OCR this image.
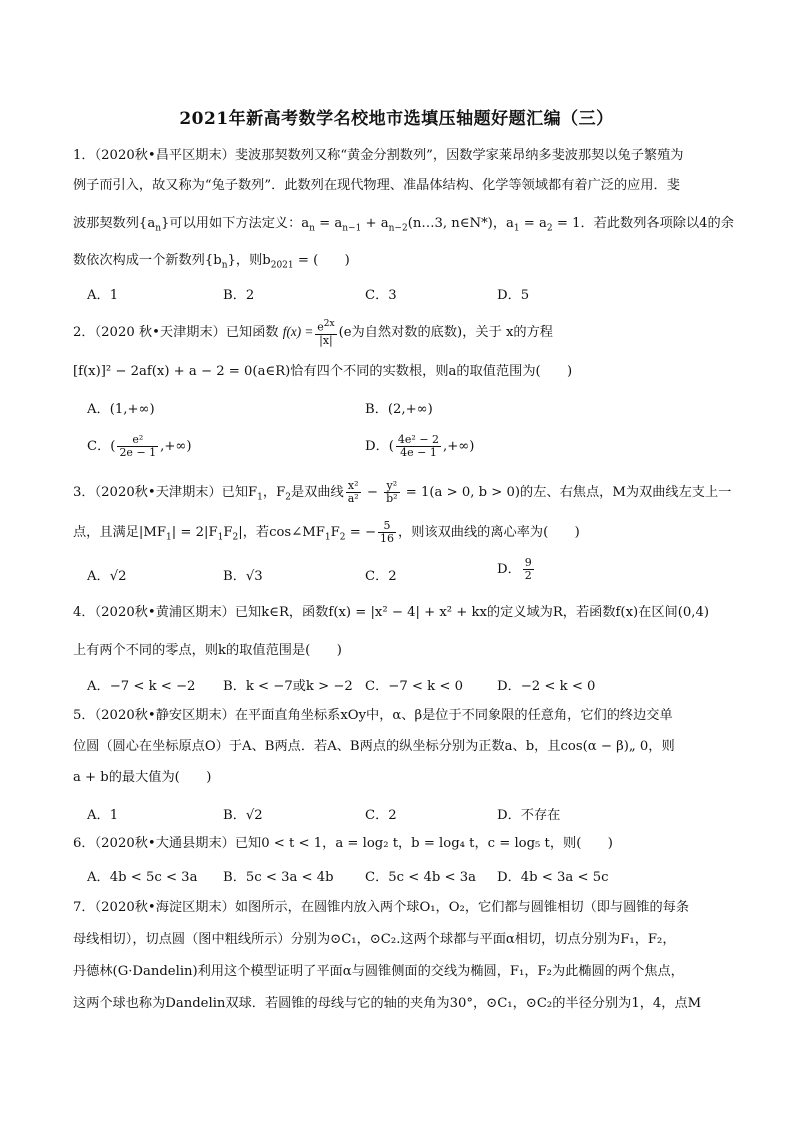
2021年新高考数学名校地市选填压轴题好题汇编（三）
1．（2020秋•昌平区期末）斐波那契数列又称“黄金分割数列”，因数学家莱昂纳多斐波那契以兔子繁殖为
例子而引入，故又称为“兔子数列”．此数列在现代物理、准晶体结构、化学等领域都有着广泛的应用．斐
波那契数列$\{a_n\}$可以用如下方法定义：$a_n = a_{n-1}$ + $a_{n-2}(n\dots 3$, n∈N*)，$a_1 = a_2 = 1$．若此数列各项除以4的余
数依次构成一个新数列$\{b_n\}$，则$b_{2021}$ = (　　)
A．1	B．2	C．3	D．5
2．（2020 秋•天津期末）已知函数 $f(x) = \frac{e^{2x}}{|x|} (e$为自然对数的底数)，关于 x的方程
[f(x)]² − 2af(x) + a − 2 = 0(a∈R)恰有四个不同的实数根，则a的取值范围为(　　)
A．(1,+∞)	B．(2,+∞)
C．( $\frac{\text{e²}}{2e - 1}$ ,+∞)	D．( $\frac{\text{4e² − 2}}{4e - 1}$ ,+∞)
3．（2020秋•天津期末）已知$F_1$，$F_2$是双曲线 $\frac{\text{x²}}{\text{a²}} - \frac{\text{y²}}{\text{b²}} = 1(a > 0$, b > 0)的左、右焦点，M为双曲线左支上一
点，且满足$|MF_1| = 2|F_1F_2|$，若$\cos\angle MF_1F_2$ = − $\frac{5}{16}$ ，则该双曲线的离心率为(　　)
A．√2	B．√3	C．2	D． $\frac{9}{2}$
4．（2020秋•黄浦区期末）已知k∈R，函数f(x) = |x² − 4| + x² + kx的定义域为R，若函数f(x)在区间(0,4)
上有两个不同的零点，则k的取值范围是(　　)
A．−7 < k < −2 B．k < −7或k > −2 C．−7 < k < 0	D．−2 < k < 0
5．（2020秋•静安区期末）在平面直角坐标系xOy中，α、β是位于不同象限的任意角，它们的终边交单
位圆（圆心在坐标原点O）于A、B两点．若A、B两点的纵坐标分别为正数a、b，且cos(α − β)„ 0，则
a + b的最大值为(　　)
A．1	B．√2	C．2	D．不存在
6．（2020秋•大通县期末）已知0 < t < 1，a = log₂ t，b = log₄ t，c = log₅ t，则(　　)
A．4b < 5c < 3a B．5c < 3a < 4b C．5c < 4b < 3a D．4b < 3a < 5c
7．（2020秋•海淀区期末）如图所示，在圆锥内放入两个球O₁，O₂，它们都与圆锥相切（即与圆锥的每条
母线相切），切点圆（图中粗线所示）分别为⊙C₁，⊙C₂.这两个球都与平面α相切，切点分别为F₁，F₂，
丹德林(G·Dandelin)利用这个模型证明了平面α与圆锥侧面的交线为椭圆，F₁，F₂为此椭圆的两个焦点，
这两个球也称为Dandelin双球．若圆锥的母线与它的轴的夹角为30°，⊙C₁，⊙C₂的半径分别为1，4，点M
